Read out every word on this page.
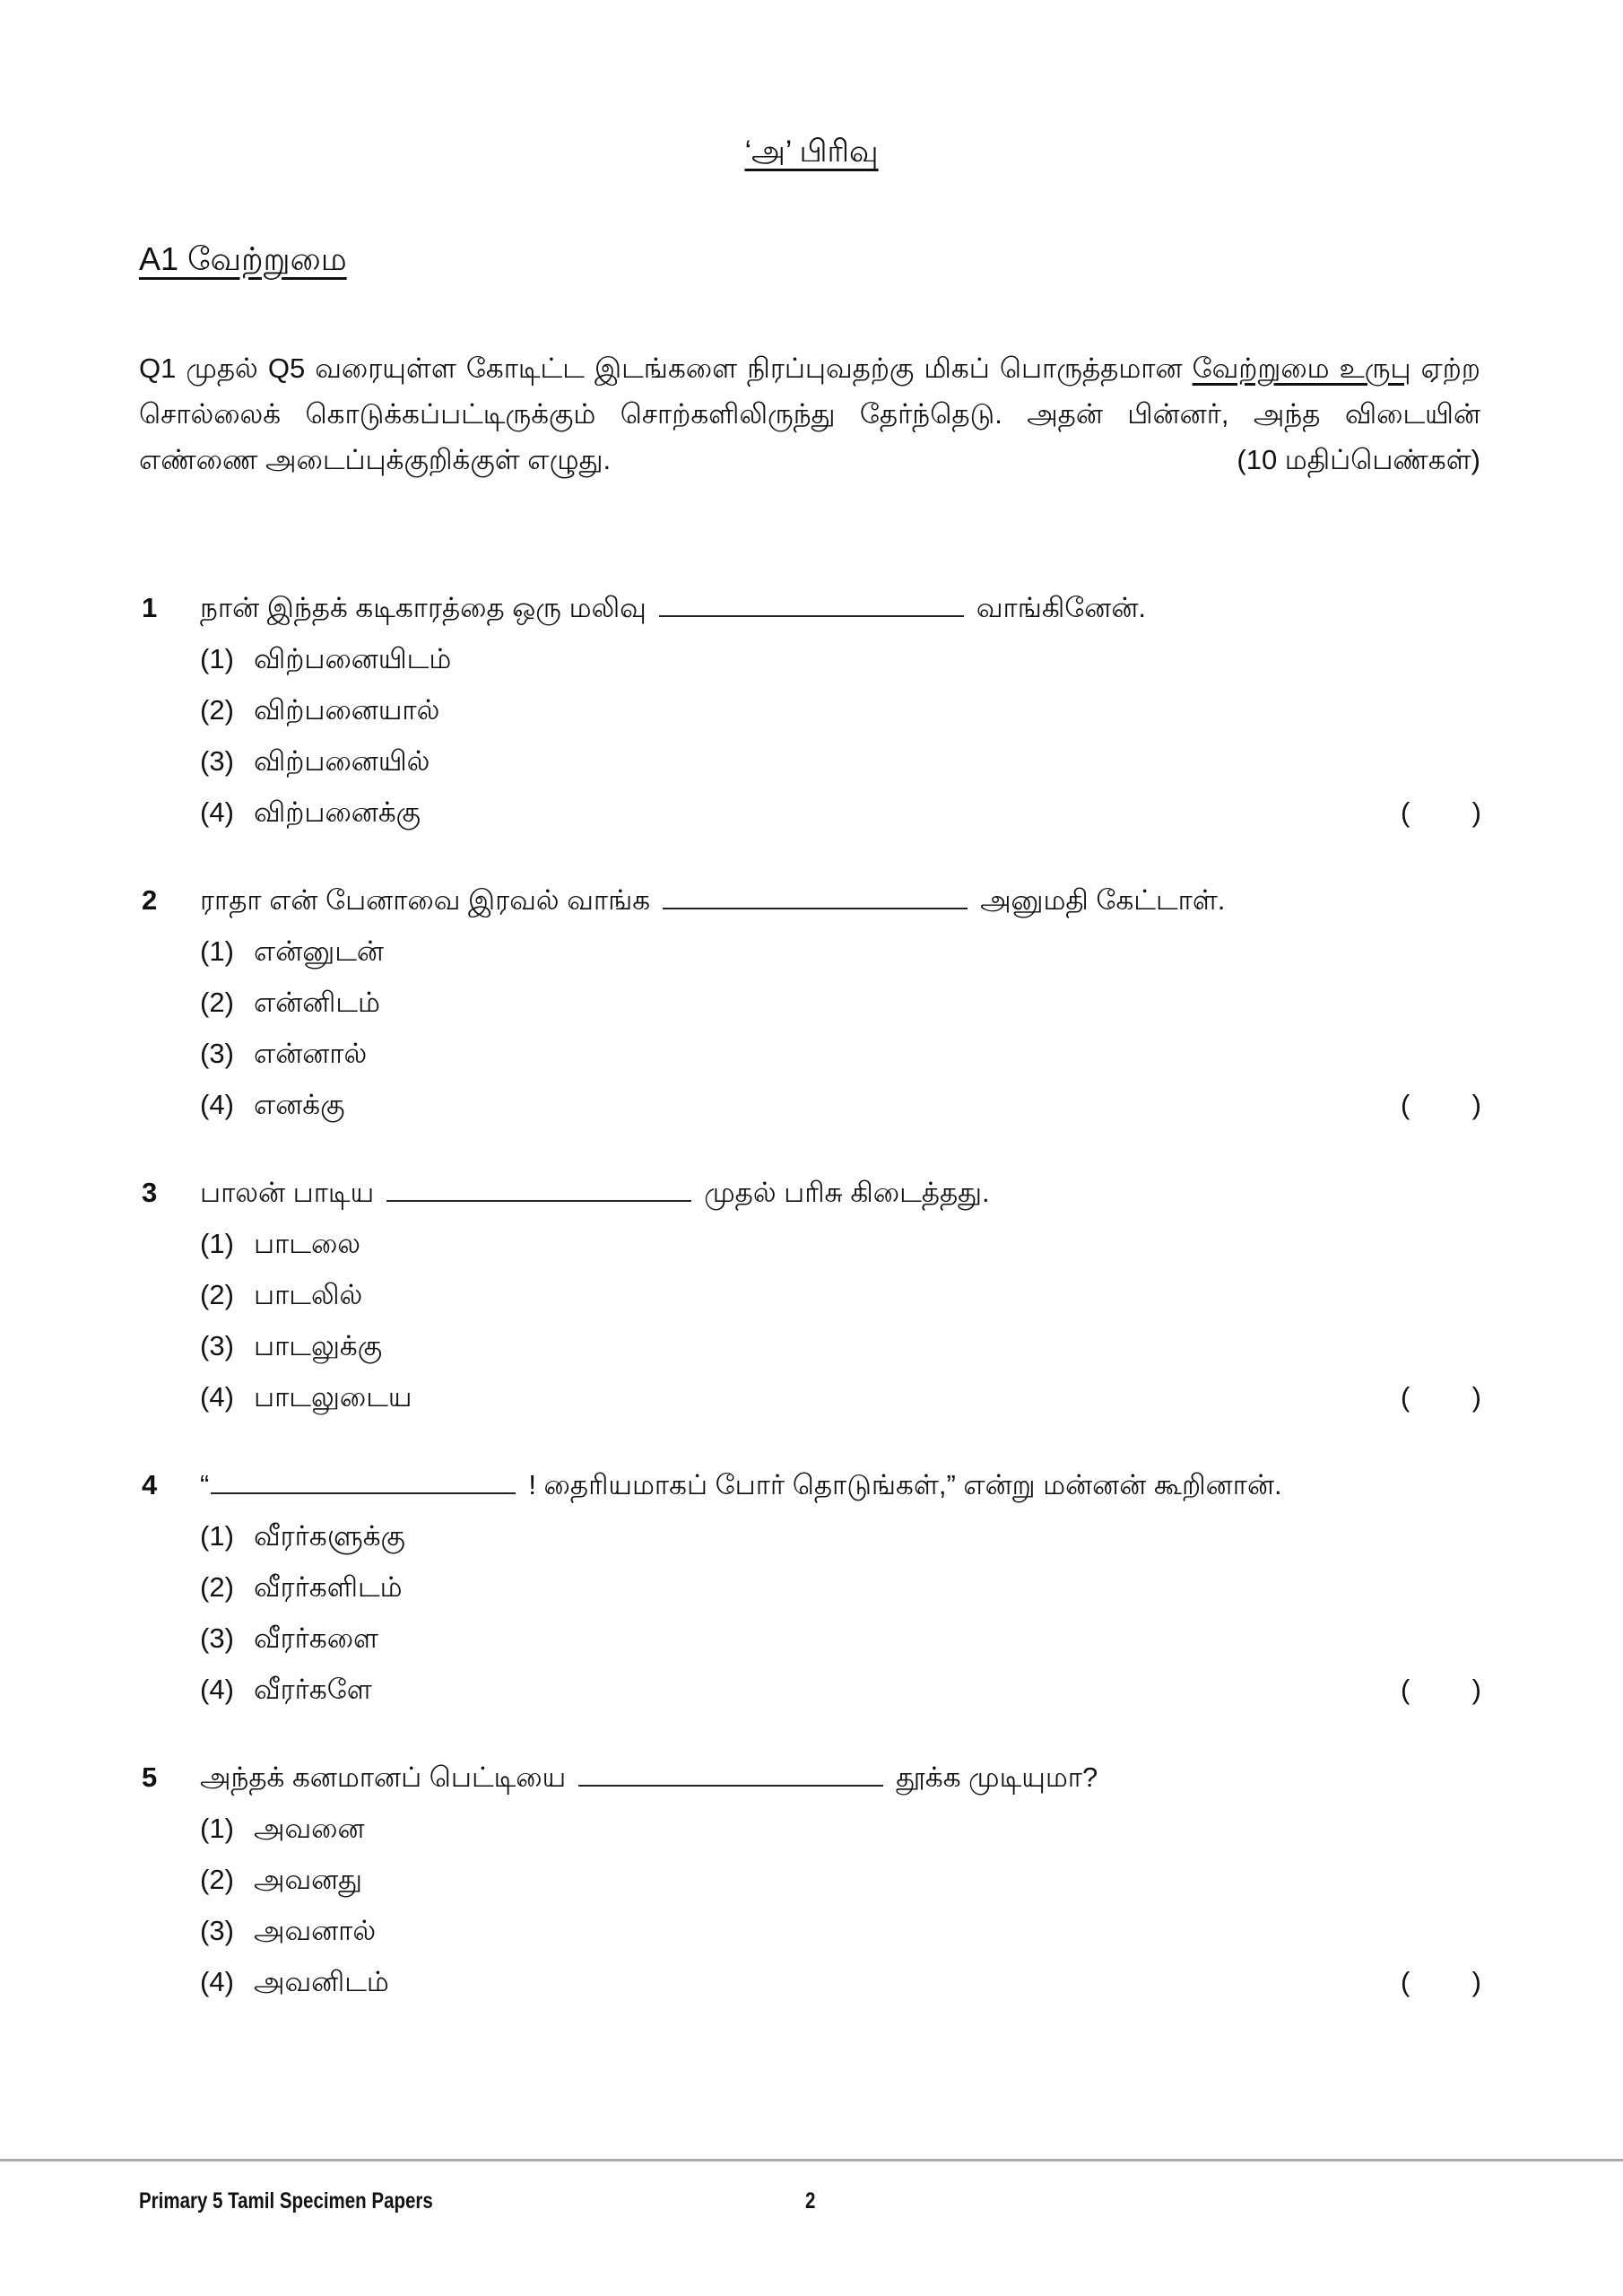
‘அ’ பிரிவு
A1 வேற்றுமை
Q1 முதல் Q5 வரையுள்ள கோடிட்ட இடங்களை நிரப்புவதற்கு மிகப் பொருத்தமான வேற்றுமை உருபு ஏற்ற சொல்லைக் கொடுக்கப்பட்டிருக்கும் சொற்களிலிருந்து தேர்ந்தெடு. அதன் பின்னர், அந்த விடையின் எண்ணை அடைப்புக்குறிக்குள் எழுது.	(10 மதிப்பெண்கள்)
1 நான் இந்தக் கடிகாரத்தை ஒரு மலிவு	வாங்கினேன்.
(1) விற்பனையிடம்
(2) விற்பனையால்
(3) விற்பனையில்
(4) விற்பனைக்கு	( )
2 ராதா என் பேனாவை இரவல் வாங்க	அனுமதி கேட்டாள்.
(1) என்னுடன்
(2) என்னிடம்
(3) என்னால்
(4) எனக்கு	( )
3 பாலன் பாடிய	முதல் பரிசு கிடைத்தது.
(1) பாடலை
(2) பாடலில்
(3) பாடலுக்கு
(4) பாடலுடைய	( )
4 “	! தைரியமாகப் போர் தொடுங்கள்,” என்று மன்னன் கூறினான்.
(1) வீரர்களுக்கு
(2) வீரர்களிடம்
(3) வீரர்களை
(4) வீரர்களே	( )
5 அந்தக் கனமானப் பெட்டியை	தூக்க முடியுமா?
(1) அவனை
(2) அவனது
(3) அவனால்
(4) அவனிடம்	( )
Primary 5 Tamil Specimen Papers	2
